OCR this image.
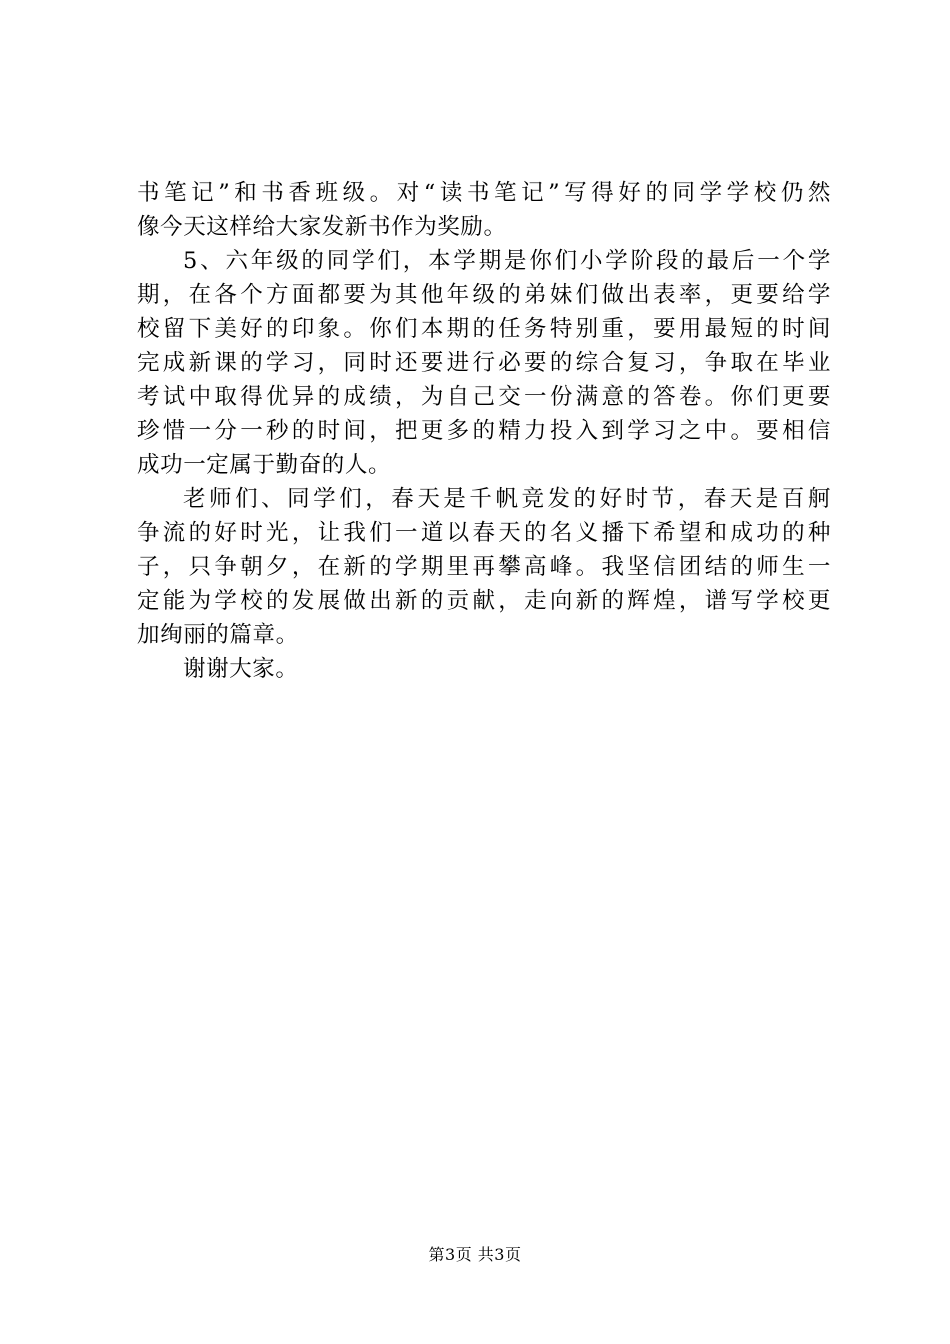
书笔记”和书香班级。对“读书笔记”写得好的同学学校仍然
像今天这样给大家发新书作为奖励。
5、六年级的同学们，本学期是你们小学阶段的最后一个学
期，在各个方面都要为其他年级的弟妹们做出表率，更要给学
校留下美好的印象。你们本期的任务特别重，要用最短的时间
完成新课的学习，同时还要进行必要的综合复习，争取在毕业
考试中取得优异的成绩，为自己交一份满意的答卷。你们更要
珍惜一分一秒的时间，把更多的精力投入到学习之中。要相信
成功一定属于勤奋的人。
老师们、同学们，春天是千帆竞发的好时节，春天是百舸
争流的好时光，让我们一道以春天的名义播下希望和成功的种
子，只争朝夕，在新的学期里再攀高峰。我坚信团结的师生一
定能为学校的发展做出新的贡献，走向新的辉煌，谱写学校更
加绚丽的篇章。
谢谢大家。
第3页 共3页
